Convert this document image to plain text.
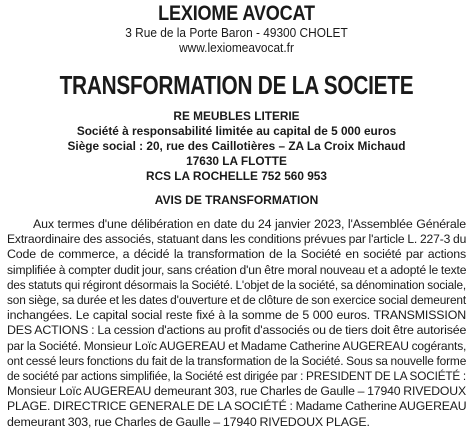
LEXIOME AVOCAT

3 Rue de la Porte Baron - 49300 CHOLET

www.lexiomeavocat.fr

TRANSFORMATION DE LA SOCIETE

RE MEUBLES LITERIE

Société à responsabilité limitée au capital de 5 000 euros

Siège social : 20, rue des Caillotières – ZA La Croix Michaud

17630 LA FLOTTE

RCS LA ROCHELLE 752 560 953

AVIS DE TRANSFORMATION
Aux termes d'une délibération en date du 24 janvier 2023, l'Assemblée Générale
Extraordinaire des associés, statuant dans les conditions prévues par l'article L. 227-3 du
Code de commerce, a décidé la transformation de la Société en société par actions
simplifiée à compter dudit jour, sans création d'un être moral nouveau et a adopté le texte
des statuts qui régiront désormais la Société. L'objet de la société, sa dénomination sociale,
son siège, sa durée et les dates d'ouverture et de clôture de son exercice social demeurent
inchangées. Le capital social reste fixé à la somme de 5 000 euros. TRANSMISSION
DES ACTIONS : La cession d'actions au profit d'associés ou de tiers doit être autorisée
par la Société. Monsieur Loïc AUGEREAU et Madame Catherine AUGEREAU cogérants,
ont cessé leurs fonctions du fait de la transformation de la Société. Sous sa nouvelle forme
de société par actions simplifiée, la Société est dirigée par : PRESIDENT DE LA SOCIÉTÉ :
Monsieur Loïc AUGEREAU demeurant 303, rue Charles de Gaulle – 17940 RIVEDOUX
PLAGE. DIRECTRICE GENERALE DE LA SOCIÉTÉ : Madame Catherine AUGEREAU
demeurant 303, rue Charles de Gaulle – 17940 RIVEDOUX PLAGE.
